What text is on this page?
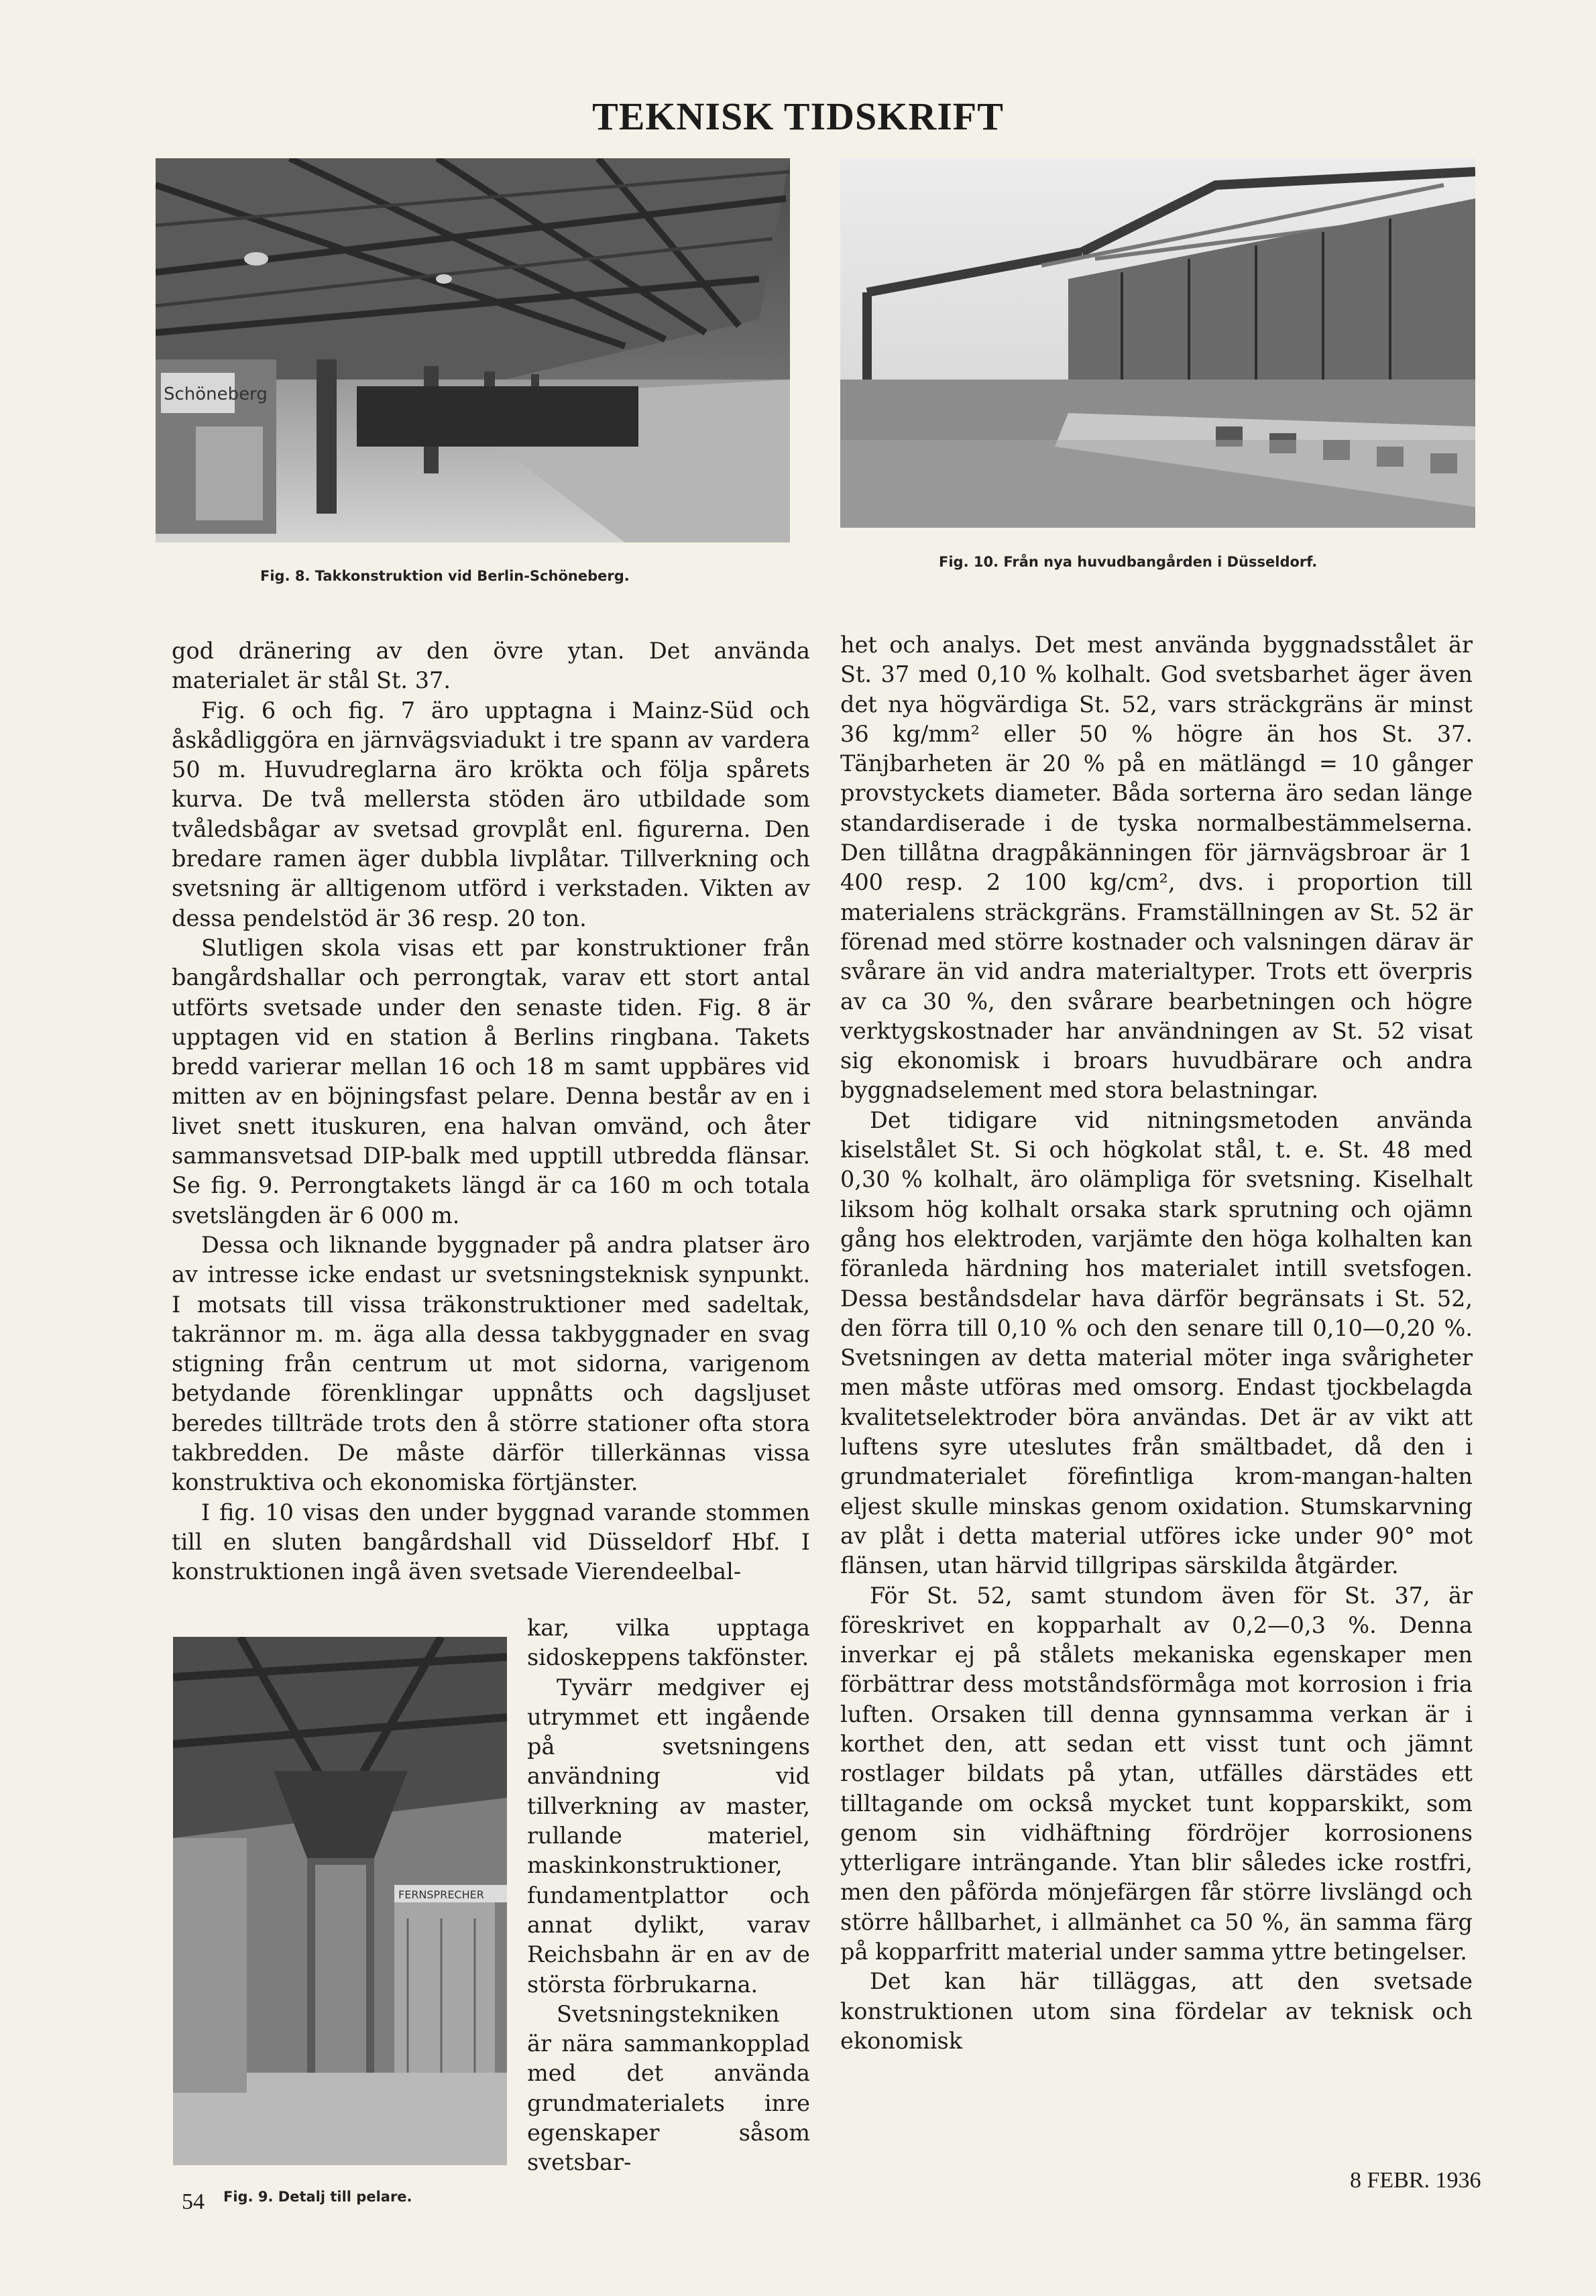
TEKNISK TIDSKRIFT
Schöneberg
Fig. 8. Takkonstruktion vid Berlin-Schöneberg.
Fig. 10. Från nya huvudbangården i Düsseldorf.

god dränering av den övre ytan. Det använda materialet är stål St. 37.

Fig. 6 och fig. 7 äro upptagna i Mainz-Süd och åskådliggöra en järnvägsviadukt i tre spann av vardera 50 m. Huvudreglarna äro krökta och följa spårets kurva. De två mellersta stöden äro utbildade som tvåledsbågar av svetsad grovplåt enl. figurerna. Den bredare ramen äger dubbla livplåtar. Tillverkning och svetsning är alltigenom utförd i verkstaden. Vikten av dessa pendelstöd är 36 resp. 20 ton.

Slutligen skola visas ett par konstruktioner från bangårdshallar och perrongtak, varav ett stort antal utförts svetsade under den senaste tiden. Fig. 8 är upptagen vid en station å Berlins ringbana. Takets bredd varierar mellan 16 och 18 m samt uppbäres vid mitten av en böjningsfast pelare. Denna består av en i livet snett ituskuren, ena halvan omvänd, och åter sammansvetsad DIP-balk med upptill utbredda flänsar. Se fig. 9. Perrongtakets längd är ca 160 m och totala svetslängden är 6 000 m.

Dessa och liknande byggnader på andra platser äro av intresse icke endast ur svetsningsteknisk synpunkt. I motsats till vissa träkonstruktioner med sadeltak, takrännor m. m. äga alla dessa takbyggnader en svag stigning från centrum ut mot sidorna, varigenom betydande förenklingar uppnåtts och dagsljuset beredes tillträde trots den å större stationer ofta stora takbredden. De måste därför tillerkännas vissa konstruktiva och ekonomiska förtjänster.

I fig. 10 visas den under byggnad varande stommen till en sluten bangårdshall vid Düsseldorf Hbf. I konstruktionen ingå även svetsade Vierendeelbal-

FERNSPRECHER
Fig. 9. Detalj till pelare.

kar, vilka upptaga sidoskeppens takfönster.

Tyvärr medgiver ej utrymmet ett ingående på svetsningens användning vid tillverkning av master, rullande materiel, maskinkonstruktioner, fundamentplattor och annat dylikt, varav Reichsbahn är en av de största förbrukarna.

Svetsningstekniken är nära sammankopplad med det använda grundmaterialets inre egenskaper såsom svetsbar-

het och analys. Det mest använda byggnadsstålet är St. 37 med 0,10 % kolhalt. God svetsbarhet äger även det nya högvärdiga St. 52, vars sträckgräns är minst 36 kg/mm² eller 50 % högre än hos St. 37. Tänjbarheten är 20 % på en mätlängd = 10 gånger provstyckets diameter. Båda sorterna äro sedan länge standardiserade i de tyska normalbestämmelserna. Den tillåtna dragpåkänningen för järnvägsbroar är 1 400 resp. 2 100 kg/cm², dvs. i proportion till materialens sträckgräns. Framställningen av St. 52 är förenad med större kostnader och valsningen därav är svårare än vid andra materialtyper. Trots ett överpris av ca 30 %, den svårare bearbetningen och högre verktygskostnader har användningen av St. 52 visat sig ekonomisk i broars huvudbärare och andra byggnadselement med stora belastningar.

Det tidigare vid nitningsmetoden använda kiselstålet St. Si och högkolat stål, t. e. St. 48 med 0,30 % kolhalt, äro olämpliga för svetsning. Kiselhalt liksom hög kolhalt orsaka stark sprutning och ojämn gång hos elektroden, varjämte den höga kolhalten kan föranleda härdning hos materialet intill svetsfogen. Dessa beståndsdelar hava därför begränsats i St. 52, den förra till 0,10 % och den senare till 0,10—0,20 %. Svetsningen av detta material möter inga svårigheter men måste utföras med omsorg. Endast tjockbelagda kvalitetselektroder böra användas. Det är av vikt att luftens syre uteslutes från smältbadet, då den i grundmaterialet förefintliga krom-mangan-halten eljest skulle minskas genom oxidation. Stumskarvning av plåt i detta material utföres icke under 90° mot flänsen, utan härvid tillgripas särskilda åtgärder.

För St. 52, samt stundom även för St. 37, är föreskrivet en kopparhalt av 0,2—0,3 %. Denna inverkar ej på stålets mekaniska egenskaper men förbättrar dess motståndsförmåga mot korrosion i fria luften. Orsaken till denna gynnsamma verkan är i korthet den, att sedan ett visst tunt och jämnt rostlager bildats på ytan, utfälles därstädes ett tilltagande om också mycket tunt kopparskikt, som genom sin vidhäftning fördröjer korrosionens ytterligare inträngande. Ytan blir således icke rostfri, men den påförda mönjefärgen får större livslängd och större hållbarhet, i allmänhet ca 50 %, än samma färg på kopparfritt material under samma yttre betingelser.

Det kan här tilläggas, att den svetsade konstruktionen utom sina fördelar av teknisk och ekonomisk

54
8 FEBR. 1936
